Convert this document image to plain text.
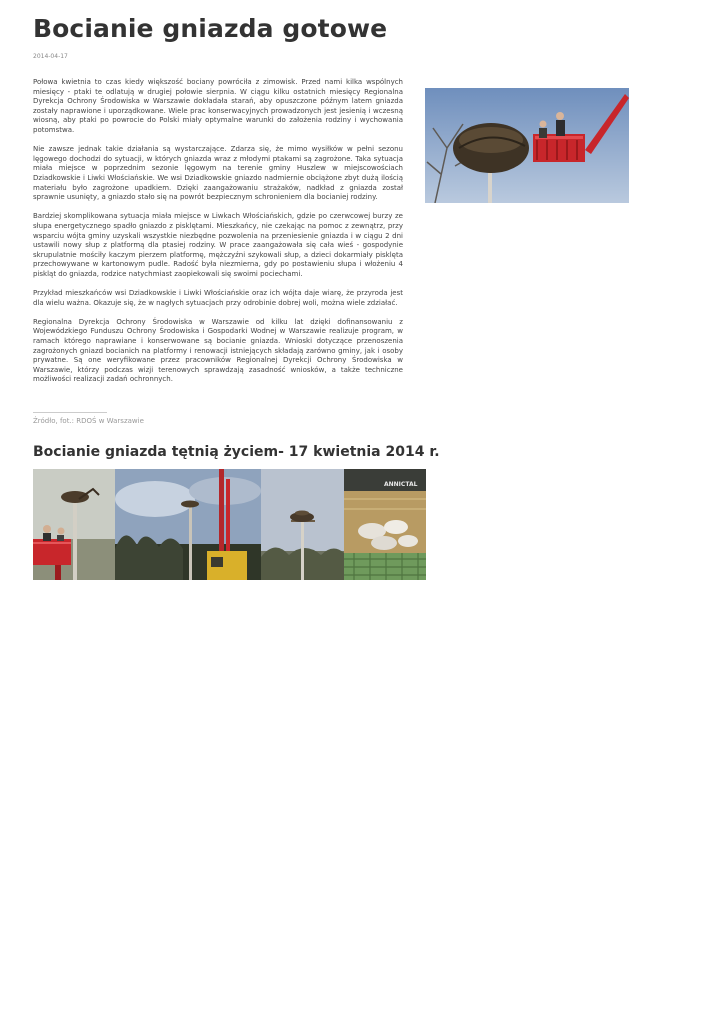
Bocianie gniazda gotowe
2014-04-17

Połowa kwietnia to czas kiedy większość bociany powróciła z zimowisk. Przed nami kilka wspólnych miesięcy - ptaki te odlatują w drugiej połowie sierpnia. W ciągu kilku ostatnich miesięcy Regionalna Dyrekcja Ochrony Środowiska w Warszawie dokładała starań, aby opuszczone późnym latem gniazda zostały naprawione i uporządkowane. Wiele prac konserwacyjnych prowadzonych jest jesienią i wczesną wiosną, aby ptaki po powrocie do Polski miały optymalne warunki do założenia rodziny i wychowania potomstwa.

Nie zawsze jednak takie działania są wystarczające. Zdarza się, że mimo wysiłków w pełni sezonu lęgowego dochodzi do sytuacji, w których gniazda wraz z młodymi ptakami są zagrożone. Taka sytuacja miała miejsce w poprzednim sezonie lęgowym na terenie gminy Huszlew w miejscowościach Dziadkowskie i Liwki Włościańskie. We wsi Dziadkowskie gniazdo nadmiernie obciążone zbyt dużą ilością materiału było zagrożone upadkiem. Dzięki zaangażowaniu strażaków, nadkład z gniazda został sprawnie usunięty, a gniazdo stało się na powrót bezpiecznym schronieniem dla bocianiej rodziny.

Bardziej skomplikowana sytuacja miała miejsce w Liwkach Włościańskich, gdzie po czerwcowej burzy ze słupa energetycznego spadło gniazdo z pisklętami. Mieszkańcy, nie czekając na pomoc z zewnątrz, przy wsparciu wójta gminy uzyskali wszystkie niezbędne pozwolenia na przeniesienie gniazda i w ciągu 2 dni ustawili nowy słup z platformą dla ptasiej rodziny. W prace zaangażowała się cała wieś - gospodynie skrupulatnie mościły kaczym pierzem platformę, mężczyźni szykowali słup, a dzieci dokarmiały pisklęta przechowywane w kartonowym pudle. Radość była niezmierna, gdy po postawieniu słupa i włożeniu 4 piskląt do gniazda, rodzice natychmiast zaopiekowali się swoimi pociechami.

Przykład mieszkańców wsi Dziadkowskie i Liwki Włościańskie oraz ich wójta daje wiarę, że przyroda jest dla wielu ważna. Okazuje się, że w nagłych sytuacjach przy odrobinie dobrej woli, można wiele zdziałać.

Regionalna Dyrekcja Ochrony Środowiska w Warszawie od kilku lat dzięki dofinansowaniu z Wojewódzkiego Funduszu Ochrony Środowiska i Gospodarki Wodnej w Warszawie realizuje program, w ramach którego naprawiane i konserwowane są bocianie gniazda. Wnioski dotyczące przenoszenia zagrożonych gniazd bocianich na platformy i renowacji istniejących składają zarówno gminy, jak i osoby prywatne. Są one weryfikowane przez pracowników Regionalnej Dyrekcji Ochrony Środowiska w Warszawie, którzy podczas wizji terenowych sprawdzają zasadność wniosków, a także techniczne możliwości realizacji zadań ochronnych.

Źródło, fot.: RDOŚ w Warszawie
Bocianie gniazda tętnią życiem- 17 kwietnia 2014 r.
ANNICTAL
